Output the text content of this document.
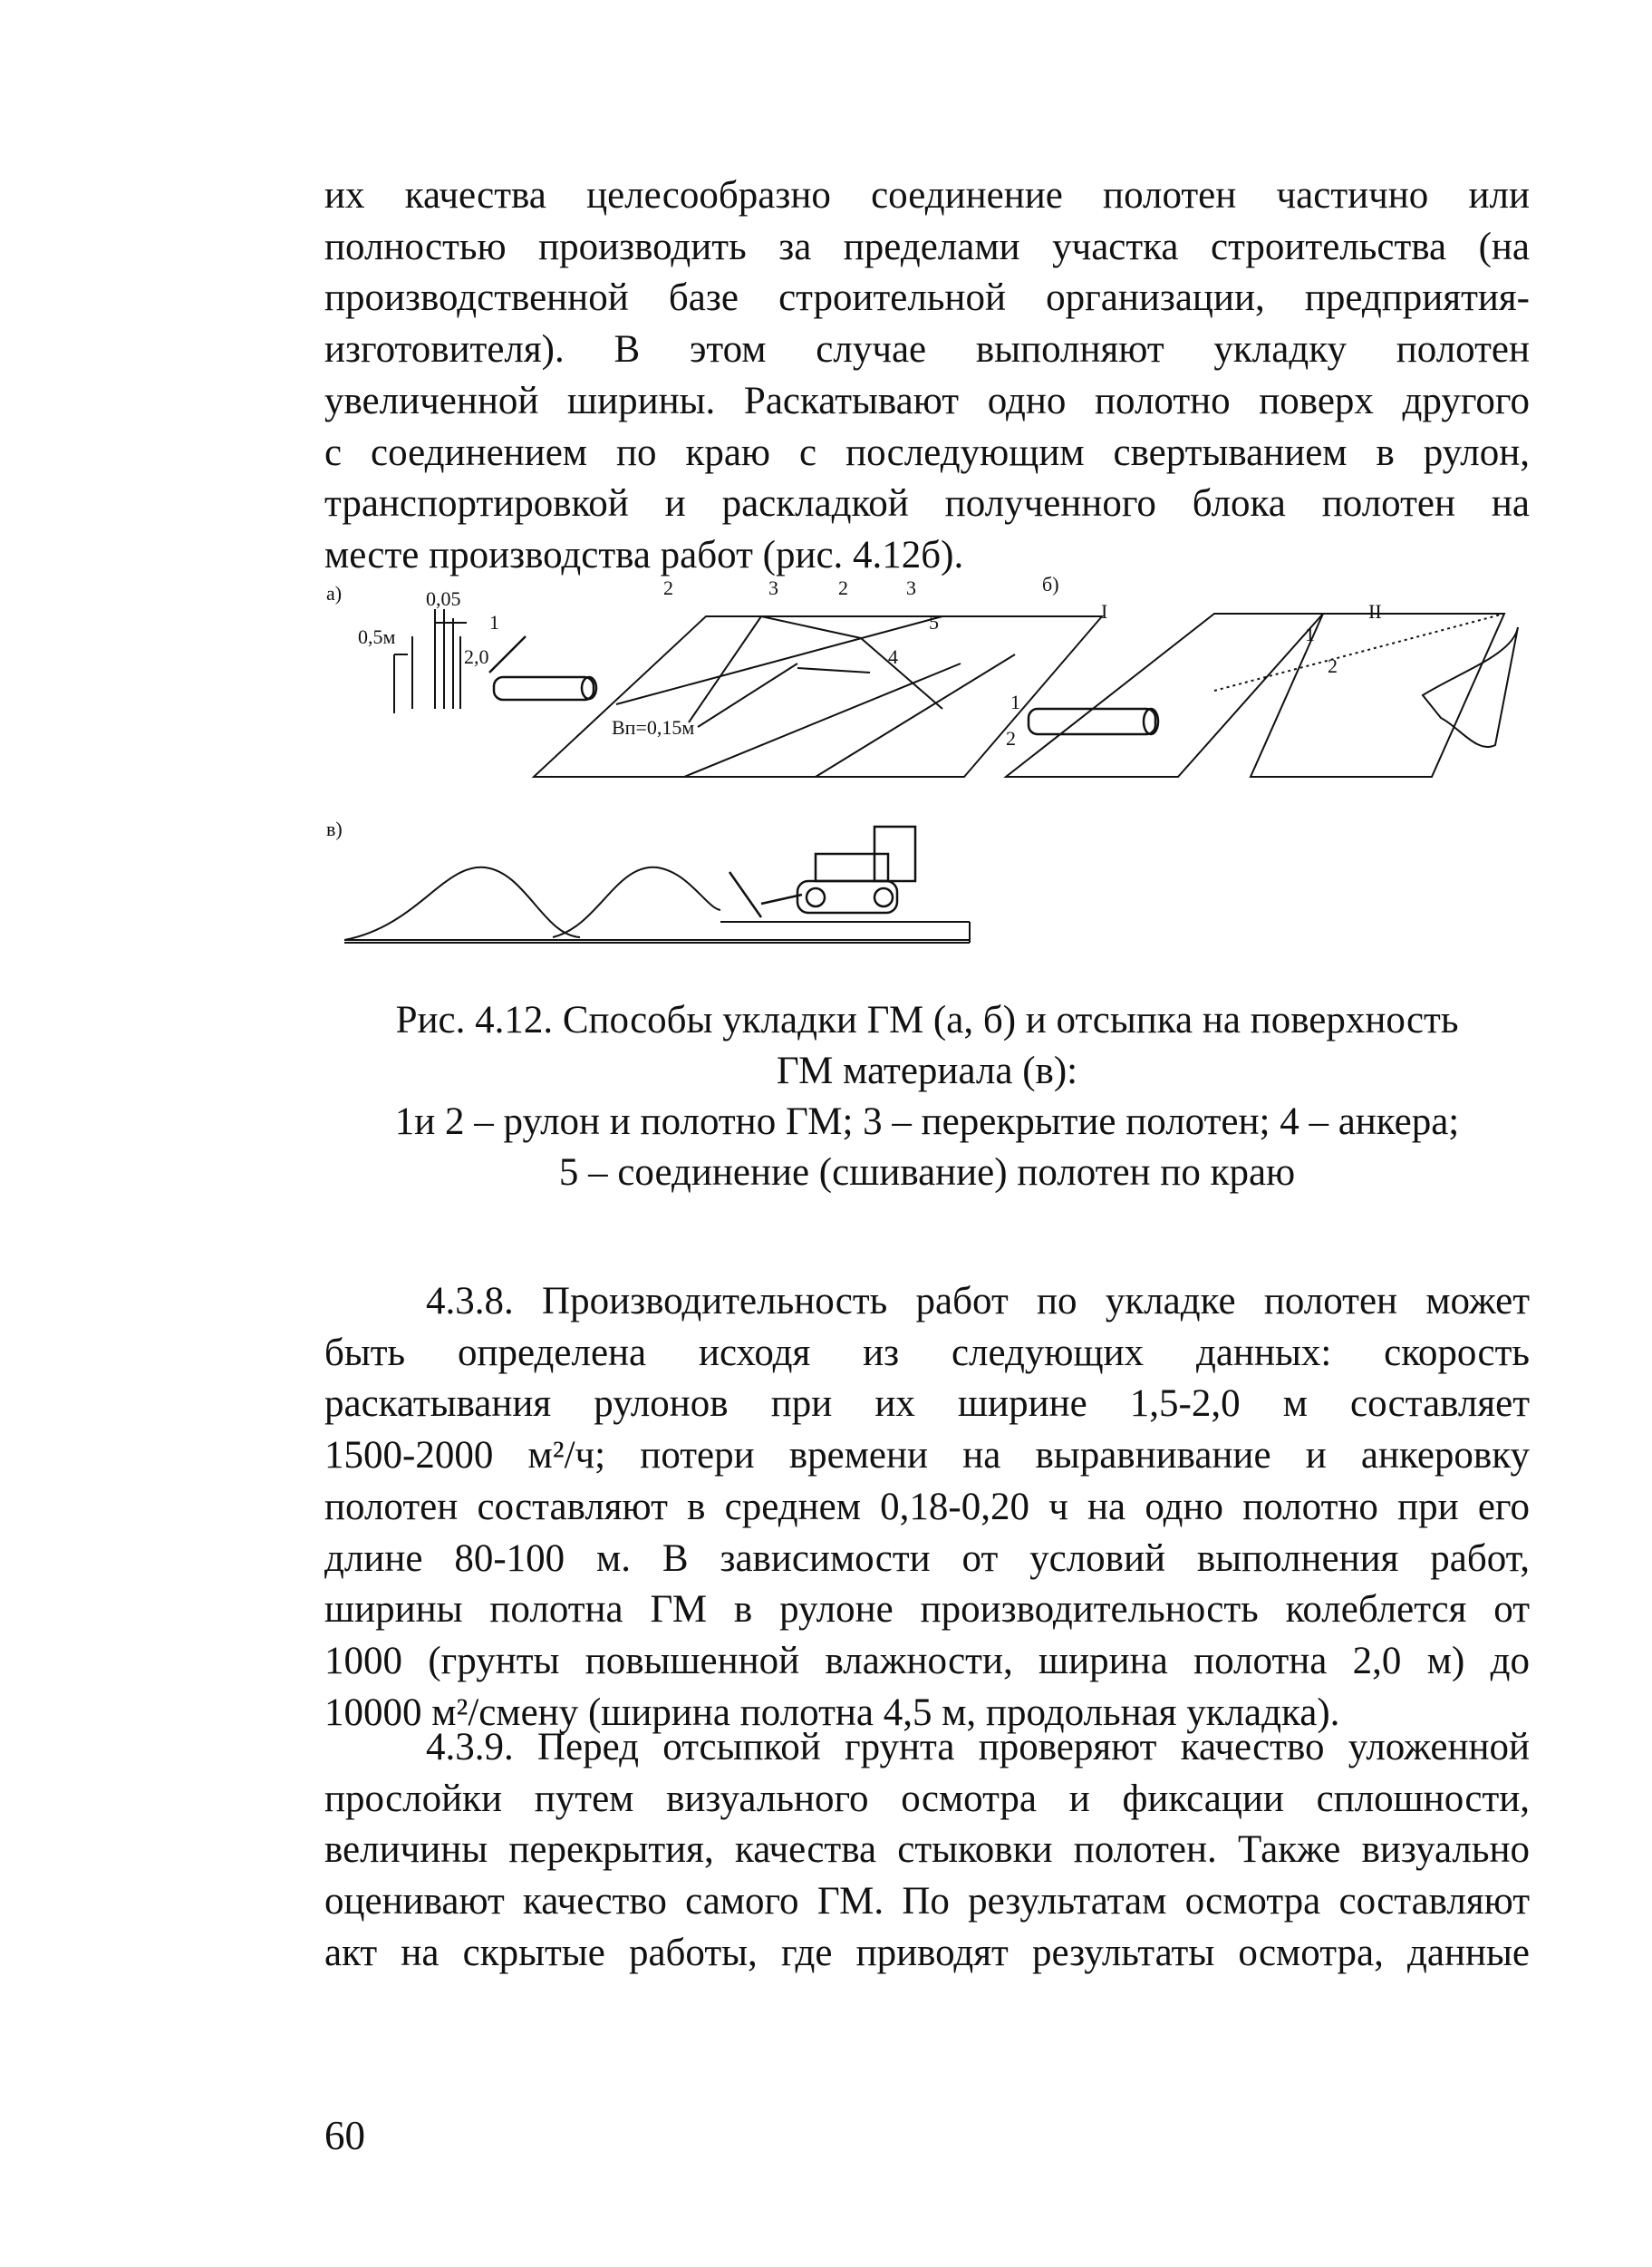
их качества целесообразно соединение полотен частично или
полностью производить за пределами участка строительства (на
производственной базе строительной организации, предприятия-
изготовителя). В этом случае выполняют укладку полотен
увеличенной ширины. Раскатывают одно полотно поверх другого
с соединением по краю с последующим свертыванием в рулон,
транспортировкой и раскладкой полученного блока полотен на
месте производства работ (рис. 4.12б).
а)	0,05
0,5м
2,0
1
2	3	2	3
4
5
Bп=0,15м
б)
I	II
1
2
1
2
в)
Рис. 4.12. Способы укладки ГМ (а, б) и отсыпка на поверхность
ГМ материала (в):
1и 2 – рулон и полотно ГМ; 3 – перекрытие полотен; 4 – анкера;
5 – соединение (сшивание) полотен по краю
4.3.8. Производительность работ по укладке полотен может
быть определена исходя из следующих данных: скорость
раскатывания рулонов при их ширине 1,5-2,0 м составляет
1500-2000 м²/ч; потери времени на выравнивание и анкеровку
полотен составляют в среднем 0,18-0,20 ч на одно полотно при его
длине 80-100 м. В зависимости от условий выполнения работ,
ширины полотна ГМ в рулоне производительность колеблется от
1000 (грунты повышенной влажности, ширина полотна 2,0 м) до
10000 м²/смену (ширина полотна 4,5 м, продольная укладка).
4.3.9. Перед отсыпкой грунта проверяют качество уложенной
прослойки путем визуального осмотра и фиксации сплошности,
величины перекрытия, качества стыковки полотен. Также визуально
оценивают качество самого ГМ. По результатам осмотра составляют
акт на скрытые работы, где приводят результаты осмотра, данные
60
